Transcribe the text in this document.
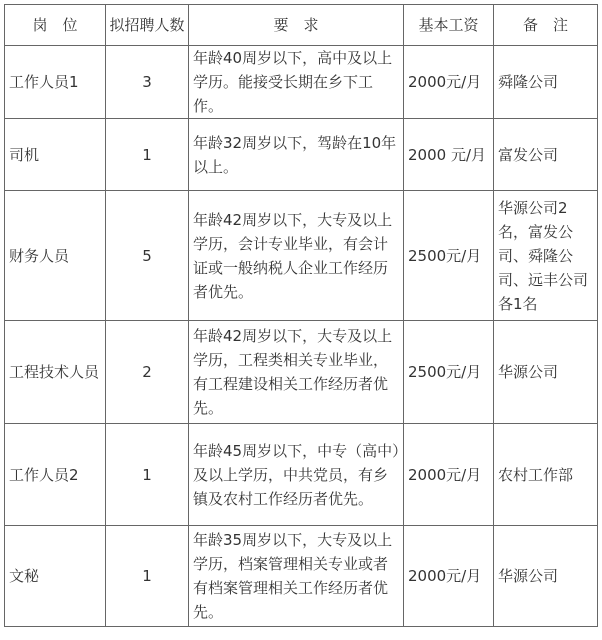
岗　位	拟招聘人数	要　求	基本工资	备　注
工作人员1	3	年龄40周岁以下，高中及以上学历。能接受长期在乡下工作。	2000元/月	舜隆公司
司机	1	年龄32周岁以下，驾龄在10年以上。	2000 元/月	富发公司
财务人员	5	年龄42周岁以下，大专及以上学历，会计专业毕业，有会计证或一般纳税人企业工作经历者优先。	2500元/月	华源公司2名，富发公司、舜隆公司、远丰公司各1名
工程技术人员	2	年龄42周岁以下，大专及以上学历，工程类相关专业毕业，有工程建设相关工作经历者优先。	2500元/月	华源公司
工作人员2	1	年龄45周岁以下，中专（高中）及以上学历，中共党员，有乡镇及农村工作经历者优先。	2000元/月	农村工作部
文秘	1	年龄35周岁以下，大专及以上学历，档案管理相关专业或者有档案管理相关工作经历者优先。	2000元/月	华源公司
